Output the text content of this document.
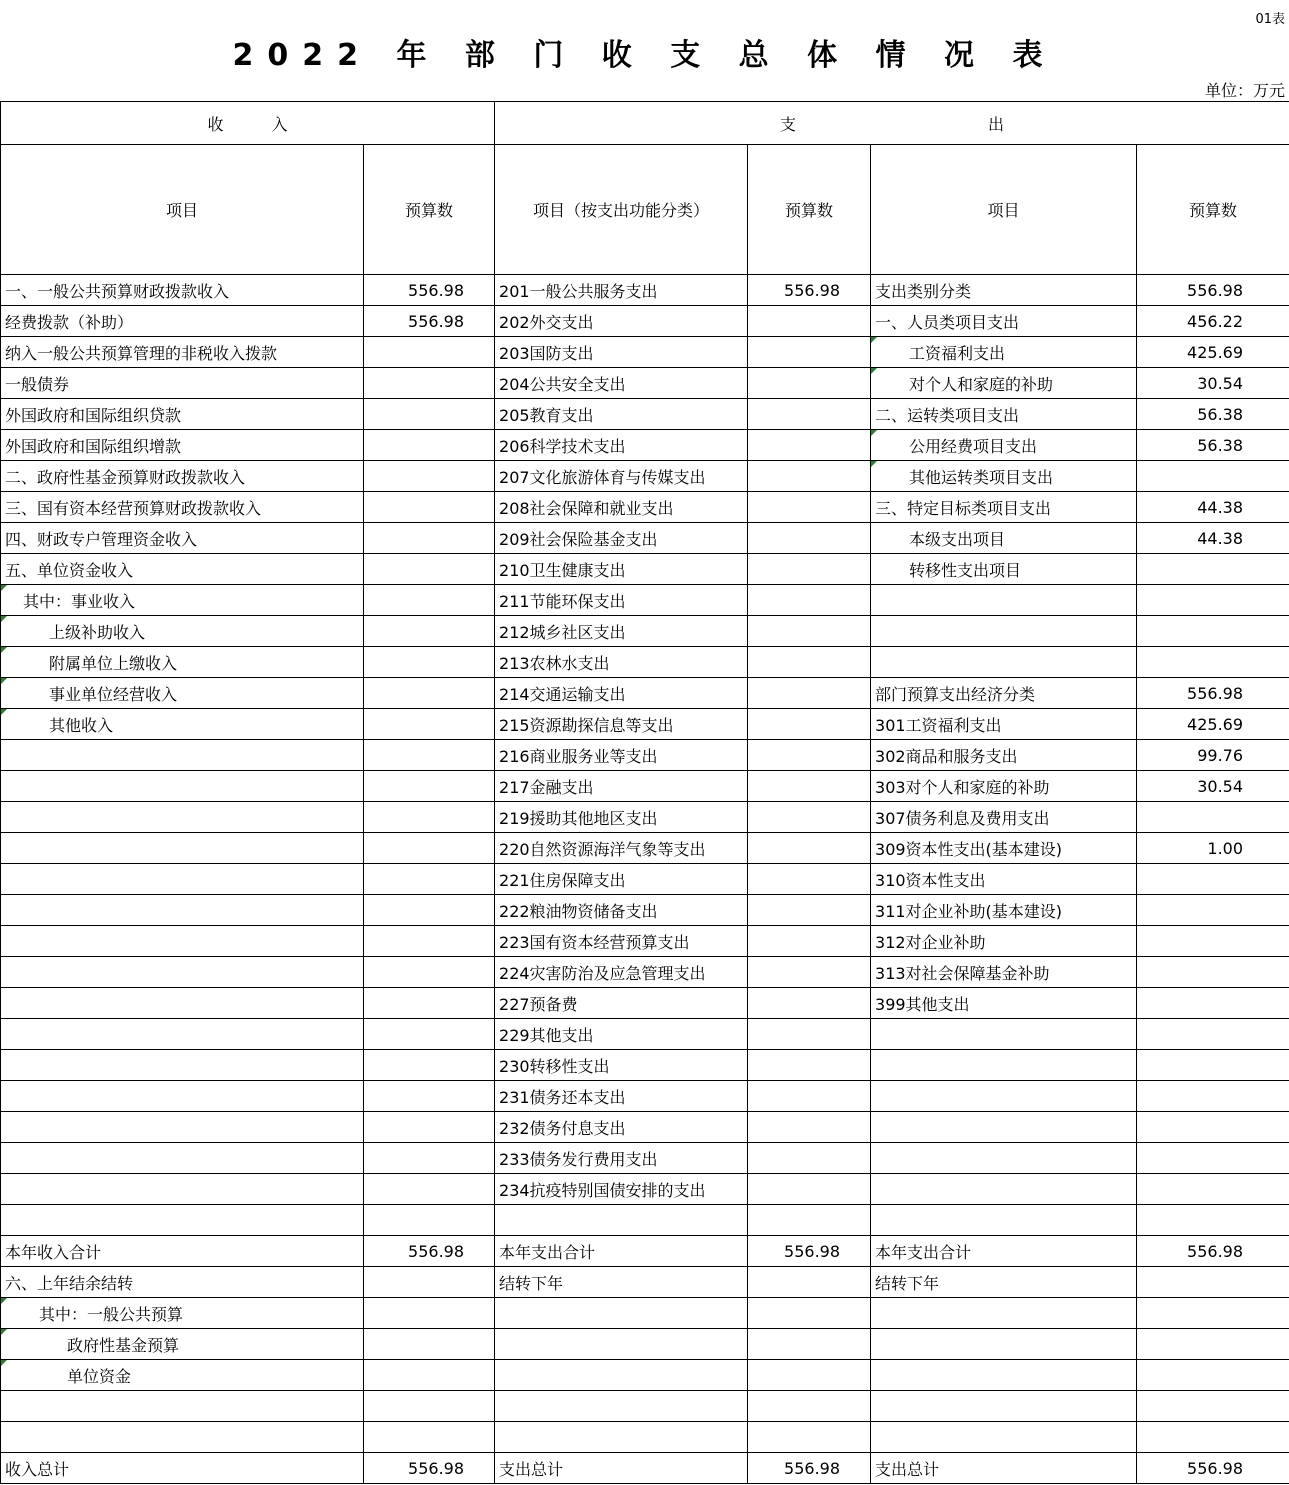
01表
2022 年 部 门 收 支 总 体 情 况 表
单位：万元
收　　　入		支　　　　　　　　　　　　出			
项目	预算数	项目（按支出功能分类）	预算数	项目	预算数
一、一般公共预算财政拨款收入	556.98	201一般公共服务支出	556.98	支出类别分类	556.98
经费拨款（补助）	556.98	202外交支出		一、人员类项目支出	456.22
纳入一般公共预算管理的非税收入拨款		203国防支出		工资福利支出	425.69
一般债券		204公共安全支出		对个人和家庭的补助	30.54
外国政府和国际组织贷款		205教育支出		二、运转类项目支出	56.38
外国政府和国际组织增款		206科学技术支出		公用经费项目支出	56.38
二、政府性基金预算财政拨款收入		207文化旅游体育与传媒支出		其他运转类项目支出	
三、国有资本经营预算财政拨款收入		208社会保障和就业支出		三、特定目标类项目支出	44.38
四、财政专户管理资金收入		209社会保险基金支出		本级支出项目	44.38
五、单位资金收入		210卫生健康支出		转移性支出项目	
其中：事业收入		211节能环保支出			
上级补助收入		212城乡社区支出			
附属单位上缴收入		213农林水支出			
事业单位经营收入		214交通运输支出		部门预算支出经济分类	556.98
其他收入		215资源勘探信息等支出		301工资福利支出	425.69
		216商业服务业等支出		302商品和服务支出	99.76
		217金融支出		303对个人和家庭的补助	30.54
		219援助其他地区支出		307债务利息及费用支出	
		220自然资源海洋气象等支出		309资本性支出(基本建设)	1.00
		221住房保障支出		310资本性支出	
		222粮油物资储备支出		311对企业补助(基本建设)	
		223国有资本经营预算支出		312对企业补助	
		224灾害防治及应急管理支出		313对社会保障基金补助	
		227预备费		399其他支出	
		229其他支出			
		230转移性支出			
		231债务还本支出			
		232债务付息支出			
		233债务发行费用支出			
		234抗疫特别国债安排的支出			

本年收入合计	556.98	本年支出合计	556.98	本年支出合计	556.98
六、上年结余结转		结转下年		结转下年	
其中：一般公共预算					
政府性基金预算					
单位资金					

收入总计	556.98	支出总计	556.98	支出总计	556.98
